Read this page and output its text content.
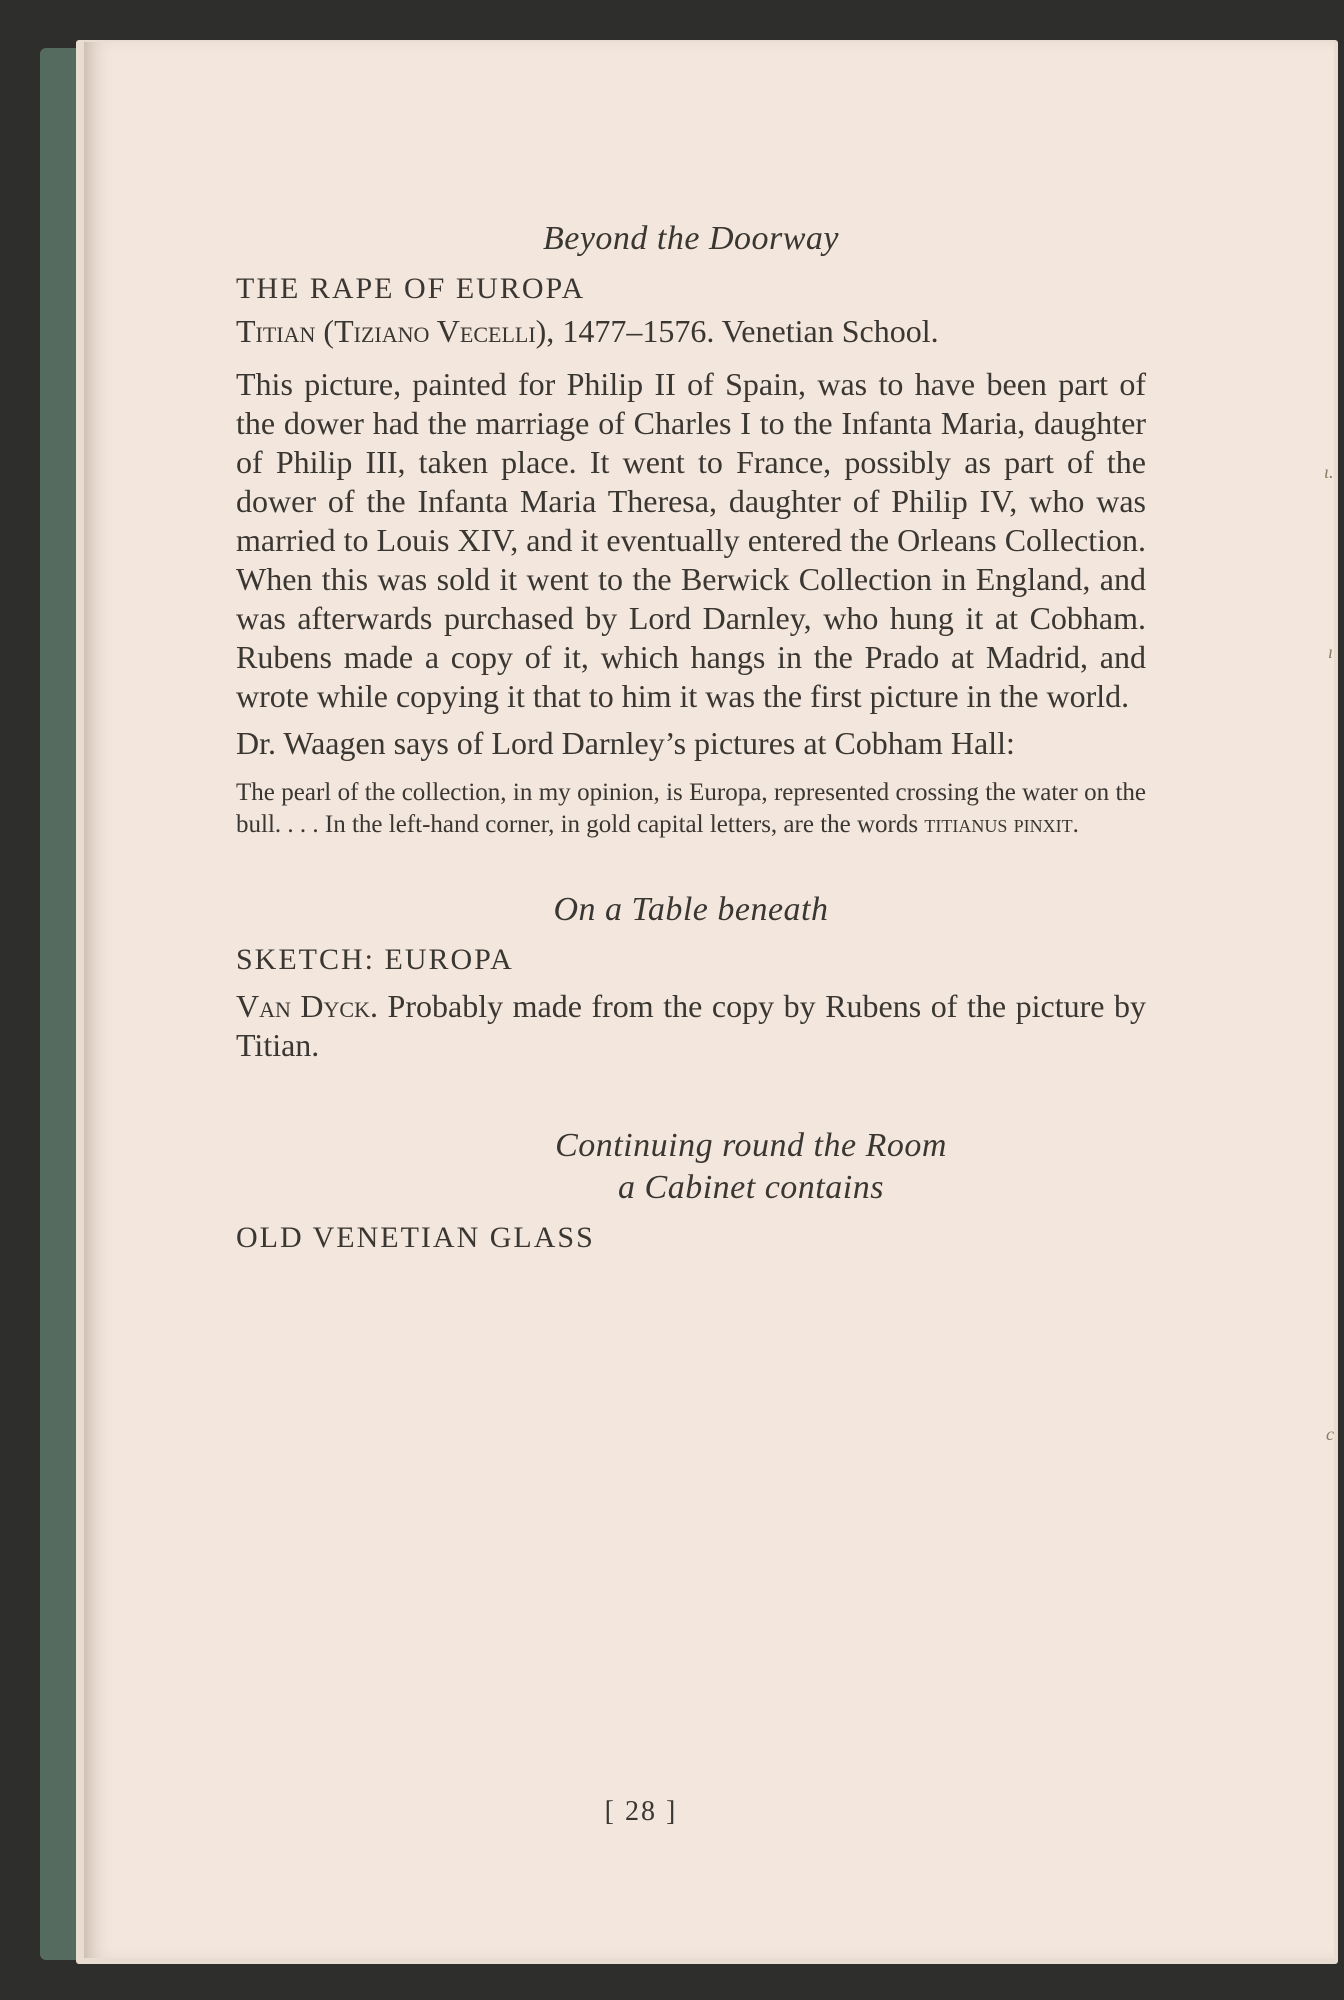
ɩ.
ı
c

Beyond the Doorway

THE RAPE OF EUROPA

Titian (Tiziano Vecelli), 1477–1576. Venetian School.

This picture, painted for Philip II of Spain, was to have been part of the dower had the marriage of Charles I to the Infanta Maria, daughter of Philip III, taken place. It went to France, possibly as part of the dower of the Infanta Maria Theresa, daughter of Philip IV, who was married to Louis XIV, and it eventually entered the Orleans Collection. When this was sold it went to the Berwick Collection in England, and was afterwards purchased by Lord Darnley, who hung it at Cobham. Rubens made a copy of it, which hangs in the Prado at Madrid, and wrote while copying it that to him it was the first picture in the world.

Dr. Waagen says of Lord Darnley’s pictures at Cobham Hall:

The pearl of the collection, in my opinion, is Europa, represented crossing the water on the bull. . . . In the left-hand corner, in gold capital letters, are the words titianus pinxit.

On a Table beneath

SKETCH: EUROPA

Van Dyck. Probably made from the copy by Rubens of the picture by Titian.

Continuing round the Room

a Cabinet contains

OLD VENETIAN GLASS

[ 28 ]
